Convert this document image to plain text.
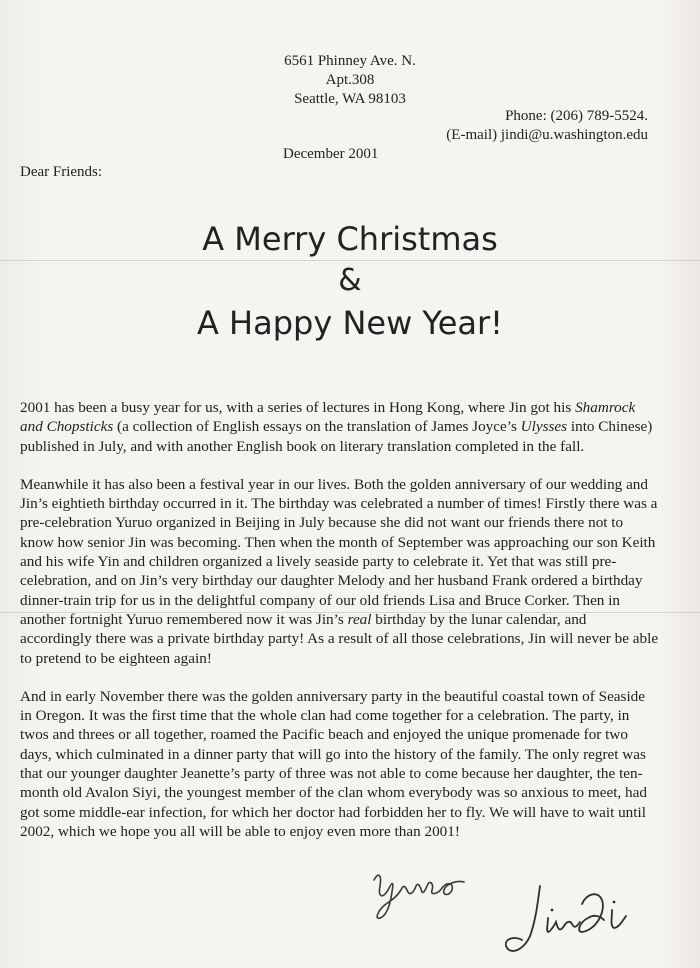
6561 Phinney Ave. N.
Apt.308
Seattle, WA 98103
Phone: (206) 789-5524.
(E-mail) jindi@u.washington.edu
December 2001
Dear Friends:
A Merry Christmas
&
A Happy New Year!

2001 has been a busy year for us, with a series of lectures in Hong Kong, where Jin got his Shamrock and Chopsticks (a collection of English essays on the translation of James Joyce’s Ulysses into Chinese) published in July, and with another English book on literary translation completed in the fall.

Meanwhile it has also been a festival year in our lives. Both the golden anniversary of our wedding and Jin’s eightieth birthday occurred in it. The birthday was celebrated a number of times! Firstly there was a pre-celebration Yuruo organized in Beijing in July because she did not want our friends there not to know how senior Jin was becoming. Then when the month of September was approaching our son Keith and his wife Yin and children organized a lively seaside party to celebrate it. Yet that was still pre-celebration, and on Jin’s very birthday our daughter Melody and her husband Frank ordered a birthday dinner-train trip for us in the delightful company of our old friends Lisa and Bruce Corker. Then in another fortnight Yuruo remembered now it was Jin’s real birthday by the lunar calendar, and accordingly there was a private birthday party! As a result of all those celebrations, Jin will never be able to pretend to be eighteen again!

And in early November there was the golden anniversary party in the beautiful coastal town of Seaside in Oregon. It was the first time that the whole clan had come together for a celebration. The party, in twos and threes or all together, roamed the Pacific beach and enjoyed the unique promenade for two days, which culminated in a dinner party that will go into the history of the family. The only regret was that our younger daughter Jeanette’s party of three was not able to come because her daughter, the ten-month old Avalon Siyi, the youngest member of the clan whom everybody was so anxious to meet, had got some middle-ear infection, for which her doctor had forbidden her to fly. We will have to wait until 2002, which we hope you all will be able to enjoy even more than 2001!
